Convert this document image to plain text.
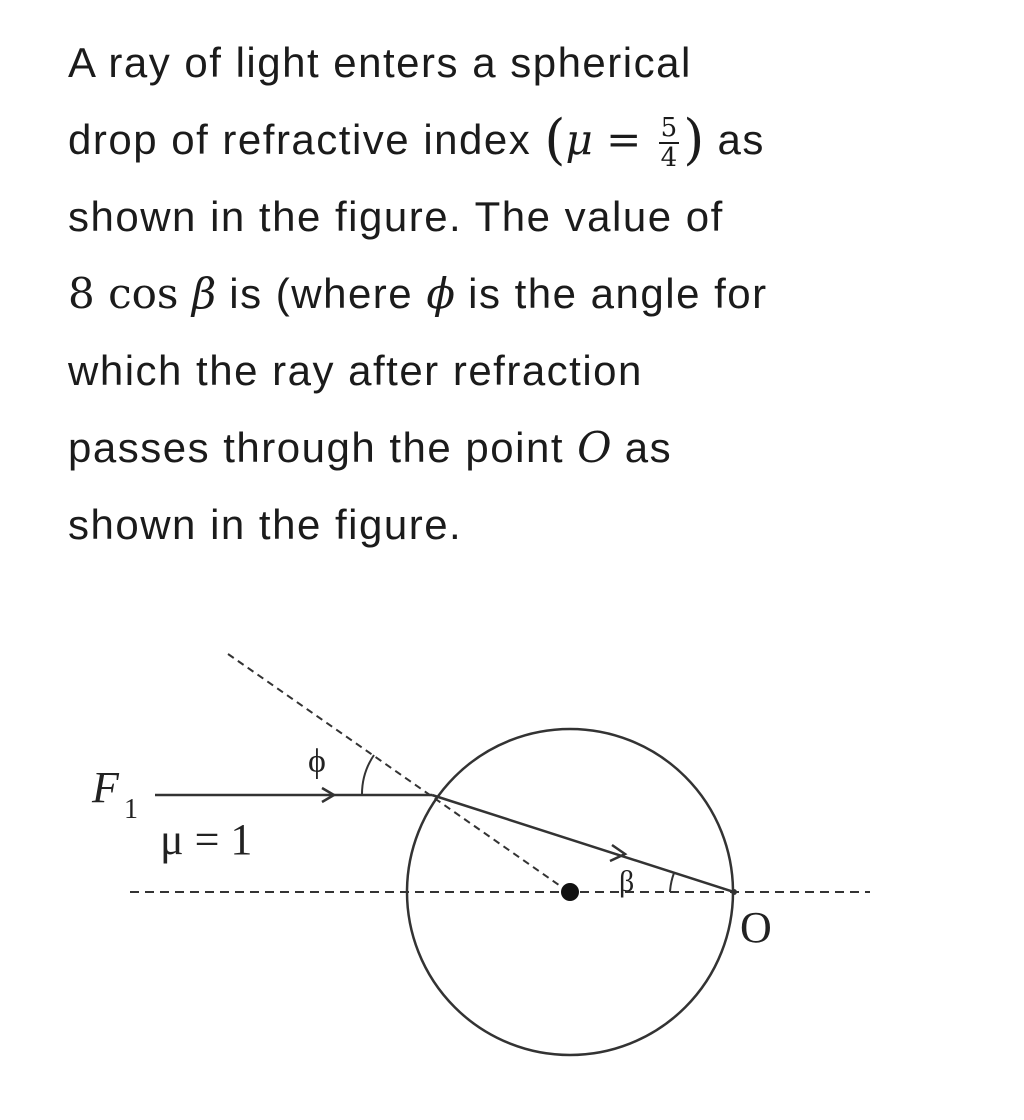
A ray of light enters a spherical
drop of refractive index ($\mu = \frac{5}{4}$ ) as
shown in the figure. The value of
8 cos β is (where ϕ is the angle for
which the ray after refraction
passes through the point O as
shown in the figure.
F 1
μ = 1
ϕ
β
O
